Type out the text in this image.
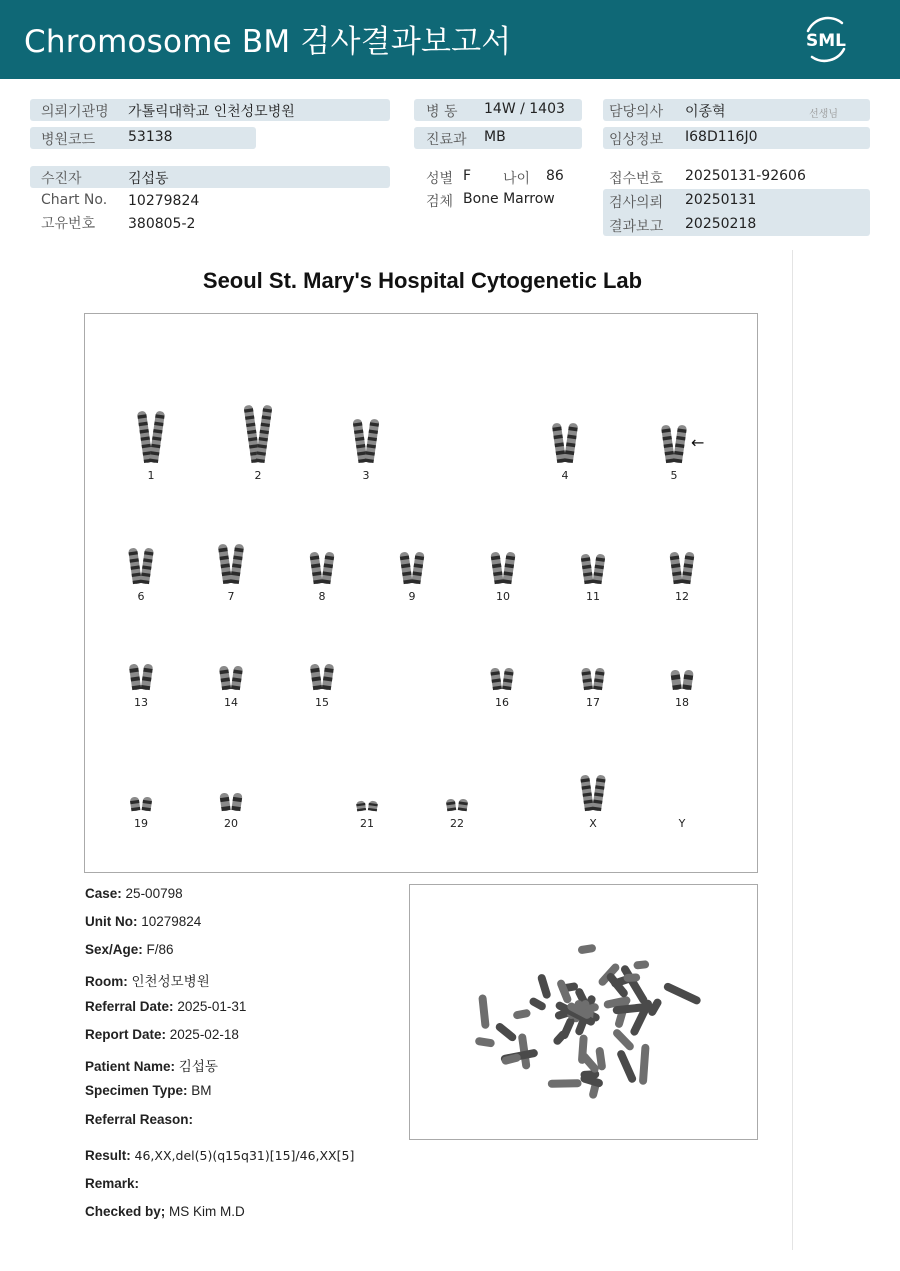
Chromosome BM 검사결과보고서	SML
의뢰기관명 가톨릭대학교 인천성모병원	병 동 14W / 1403	담당의사 이종혁	선생님
병원코드 53138	진료과 MB	임상정보 I68D116J0
수진자	김섭동	성별 F 나이 86	접수번호 20250131-92606
Chart No. 10279824	검체 Bone Marrow	검사의뢰 20250131
고유번호 380805-2	결과보고 20250218
Seoul St. Mary's Hospital Cytogenetic Lab
1	2	3	4	5
6	7	8	9	10	11	12
13	14	15	16	17	18
19	20	21	22	X	Y
←
Case: 25-00798
Unit No: 10279824
Sex/Age: F/86
Room: 인천성모병원
Referral Date: 2025-01-31
Report Date: 2025-02-18
Patient Name: 김섭동
Specimen Type: BM
Referral Reason:
Result: 46,XX,del(5)(q15q31)[15]/46,XX[5]
Remark:
Checked by; MS Kim M.D
